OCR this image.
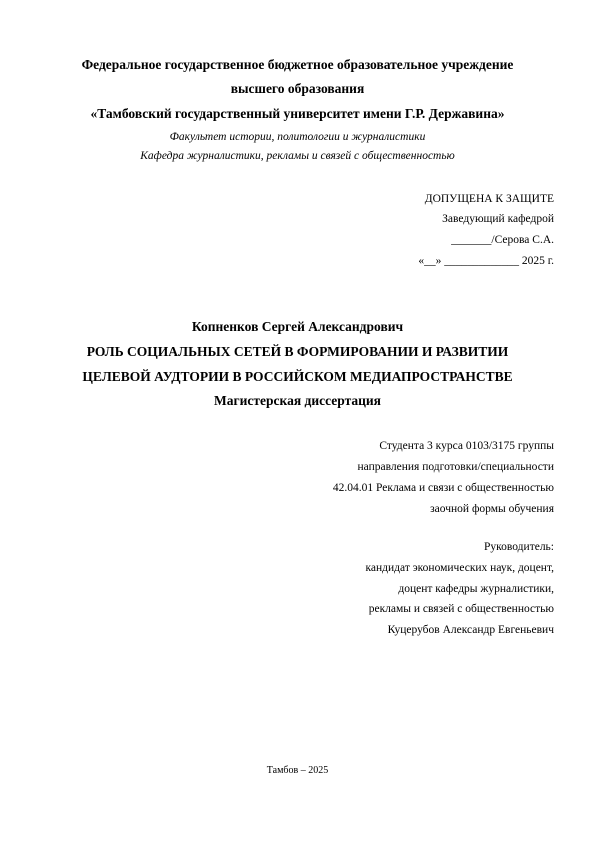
Федеральное государственное бюджетное образовательное учреждение
высшего образования
«Тамбовский государственный университет имени Г.Р. Державина»
Факультет истории, политологии и журналистики
Кафедра журналистики, рекламы и связей с общественностью
ДОПУЩЕНА К ЗАЩИТЕ
Заведующий кафедрой
_______/Серова С.А.
«__» _____________ 2025 г.
Копненков Сергей Александрович
РОЛЬ СОЦИАЛЬНЫХ СЕТЕЙ В ФОРМИРОВАНИИ И РАЗВИТИИ
ЦЕЛЕВОЙ АУДТОРИИ В РОССИЙСКОМ МЕДИАПРОСТРАНСТВЕ
Магистерская диссертация
Студента 3 курса 0103/3175 группы
направления подготовки/специальности
42.04.01 Реклама и связи с общественностью
заочной формы обучения
Руководитель:
кандидат экономических наук, доцент,
доцент кафедры журналистики,
рекламы и связей с общественностью
Куцерубов Александр Евгеньевич
Тамбов – 2025
